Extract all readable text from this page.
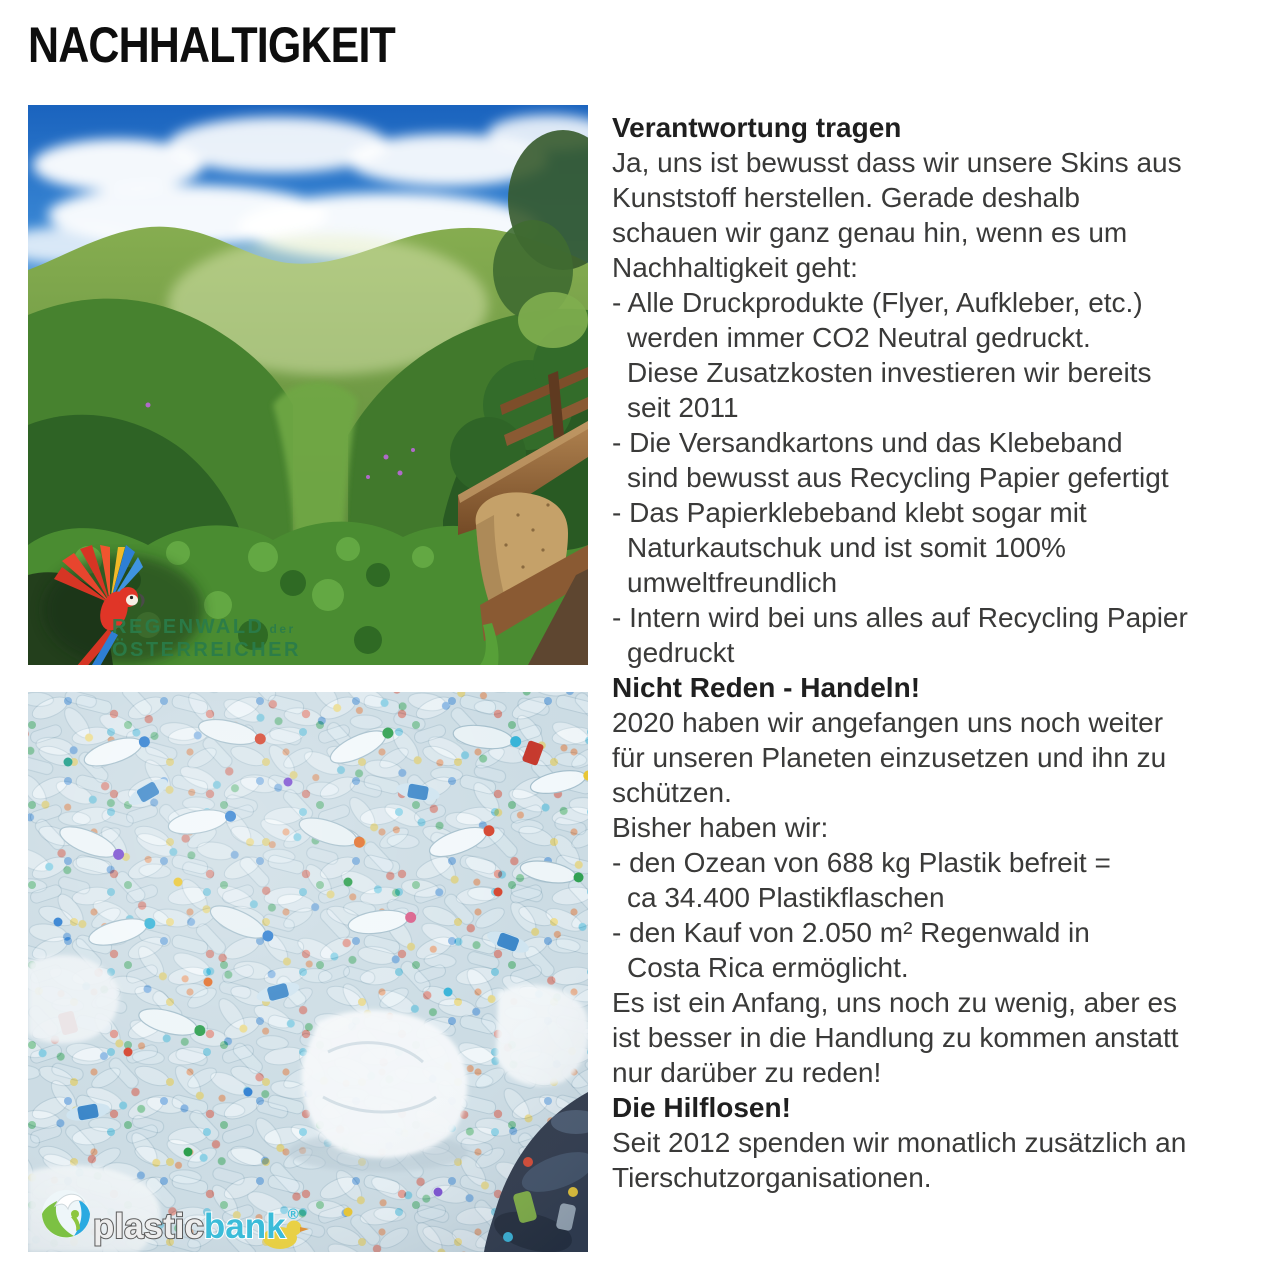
NACHHALTIGKEIT
REGENWALD der
ÖSTERREICHER
plasticbank ®
Verantwortung tragen
Ja, uns ist bewusst dass wir unsere Skins aus
Kunststoff herstellen. Gerade deshalb
schauen wir ganz genau hin, wenn es um
Nachhaltigkeit geht:
- Alle Druckprodukte (Flyer, Aufkleber, etc.)
werden immer CO2 Neutral gedruckt.
Diese Zusatzkosten investieren wir bereits
seit 2011
- Die Versandkartons und das Klebeband
sind bewusst aus Recycling Papier gefertigt
- Das Papierklebeband klebt sogar mit
Naturkautschuk und ist somit 100%
umweltfreundlich
- Intern wird bei uns alles auf Recycling Papier
gedruckt
Nicht Reden - Handeln!
2020 haben wir angefangen uns noch weiter
für unseren Planeten einzusetzen und ihn zu
schützen.
Bisher haben wir:
- den Ozean von 688 kg Plastik befreit =
ca 34.400 Plastikflaschen
- den Kauf von 2.050 m² Regenwald in
Costa Rica ermöglicht.
Es ist ein Anfang, uns noch zu wenig, aber es
ist besser in die Handlung zu kommen anstatt
nur darüber zu reden!
Die Hilflosen!
Seit 2012 spenden wir monatlich zusätzlich an
Tierschutzorganisationen.
